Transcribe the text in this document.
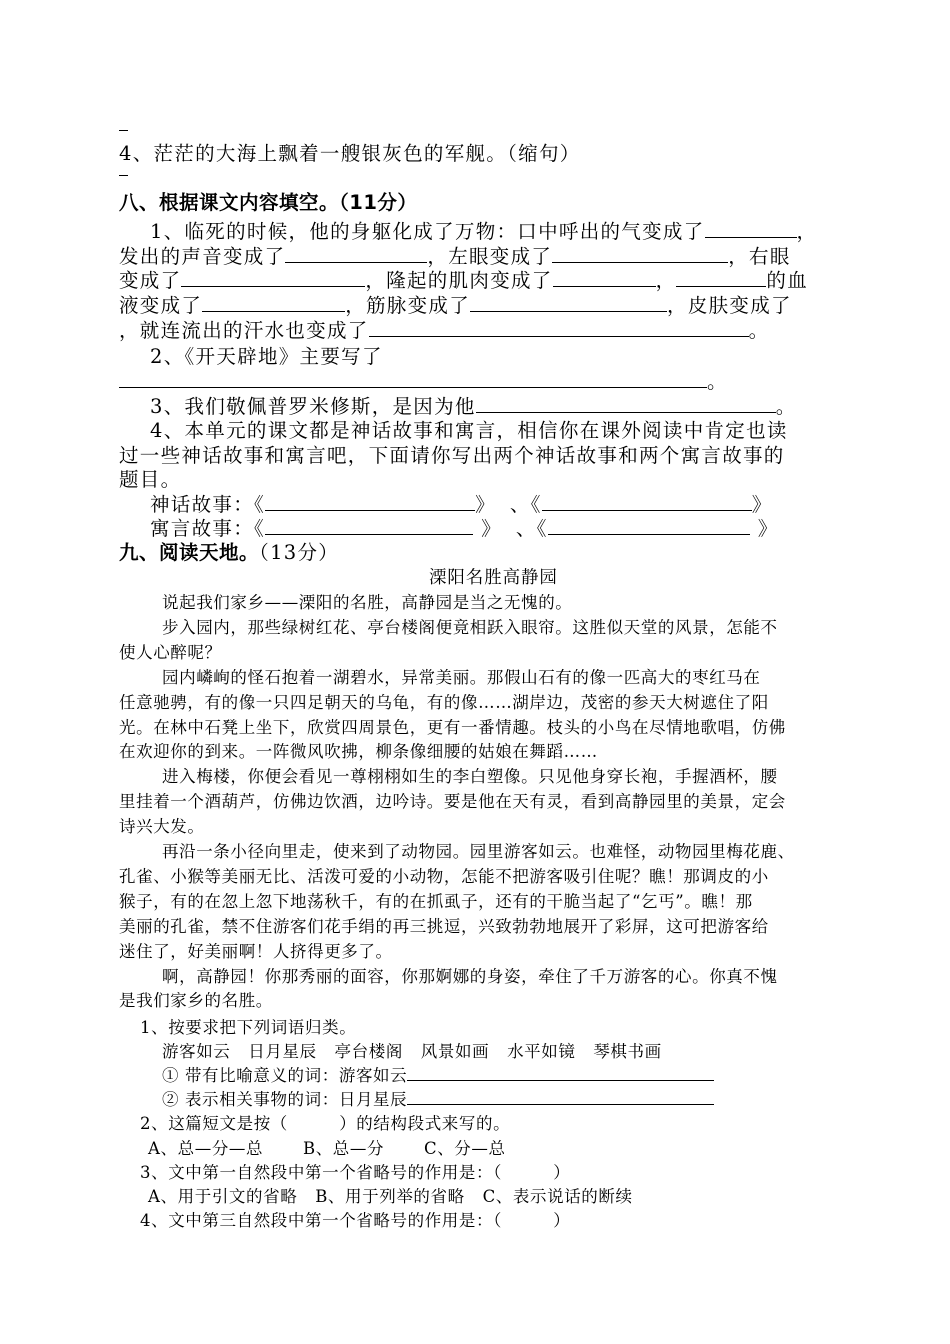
4、茫茫的大海上飘着一艘银灰色的军舰。（缩句）
八、根据课文内容填空。（11分）
1、临死的时候，他的身躯化成了万物：口中呼出的气变成了	，
发出的声音变成了	，左眼变成了	，右眼
变成了	，隆起的肌肉变成了	，	的血
液变成了	，筋脉变成了	，皮肤变成了
，就连流出的汗水也变成了	。
2、《开天辟地》主要写了
。
3、我们敬佩普罗米修斯，是因为他	。
4、本单元的课文都是神话故事和寓言，相信你在课外阅读中肯定也读
过一些神话故事和寓言吧，下面请你写出两个神话故事和两个寓言故事的
题目。
神话故事：《	》 、《	》
寓言故事：《	》 、《	》
九、阅读天地。（13分）
溧阳名胜高静园
说起我们家乡——溧阳的名胜，高静园是当之无愧的。
步入园内，那些绿树红花、亭台楼阁便竟相跃入眼帘。这胜似天堂的风景，怎能不
使人心醉呢？
园内嶙峋的怪石抱着一湖碧水，异常美丽。那假山石有的像一匹高大的枣红马在
任意驰骋，有的像一只四足朝天的乌龟，有的像……湖岸边，茂密的参天大树遮住了阳
光。在林中石凳上坐下，欣赏四周景色，更有一番情趣。枝头的小鸟在尽情地歌唱，仿佛
在欢迎你的到来。一阵微风吹拂，柳条像细腰的姑娘在舞蹈……
进入梅楼，你便会看见一尊栩栩如生的李白塑像。只见他身穿长袍，手握酒杯，腰
里挂着一个酒葫芦，仿佛边饮酒，边吟诗。要是他在天有灵，看到高静园里的美景，定会
诗兴大发。
再沿一条小径向里走，使来到了动物园。园里游客如云。也难怪，动物园里梅花鹿、
孔雀、小猴等美丽无比、活泼可爱的小动物，怎能不把游客吸引住呢？瞧！那调皮的小
猴子，有的在忽上忽下地荡秋千，有的在抓虱子，还有的干脆当起了“乞丐”。瞧！那
美丽的孔雀，禁不住游客们花手绢的再三挑逗，兴致勃勃地展开了彩屏，这可把游客给
迷住了，好美丽啊！人挤得更多了。
啊，高静园！你那秀丽的面容，你那婀娜的身姿，牵住了千万游客的心。你真不愧
是我们家乡的名胜。
1、按要求把下列词语归类。
游客如云 日月星辰 亭台楼阁 风景如画 水平如镜 琴棋书画
① 带有比喻意义的词：游客如云
② 表示相关事物的词：日月星辰
2、这篇短文是按（　　　）的结构段式来写的。
A、总—分—总 B、总—分 C、分—总
3、文中第一自然段中第一个省略号的作用是：（　　　）
A、用于引文的省略 B、用于列举的省略 C、表示说话的断续
4、文中第三自然段中第一个省略号的作用是：（　　　）
